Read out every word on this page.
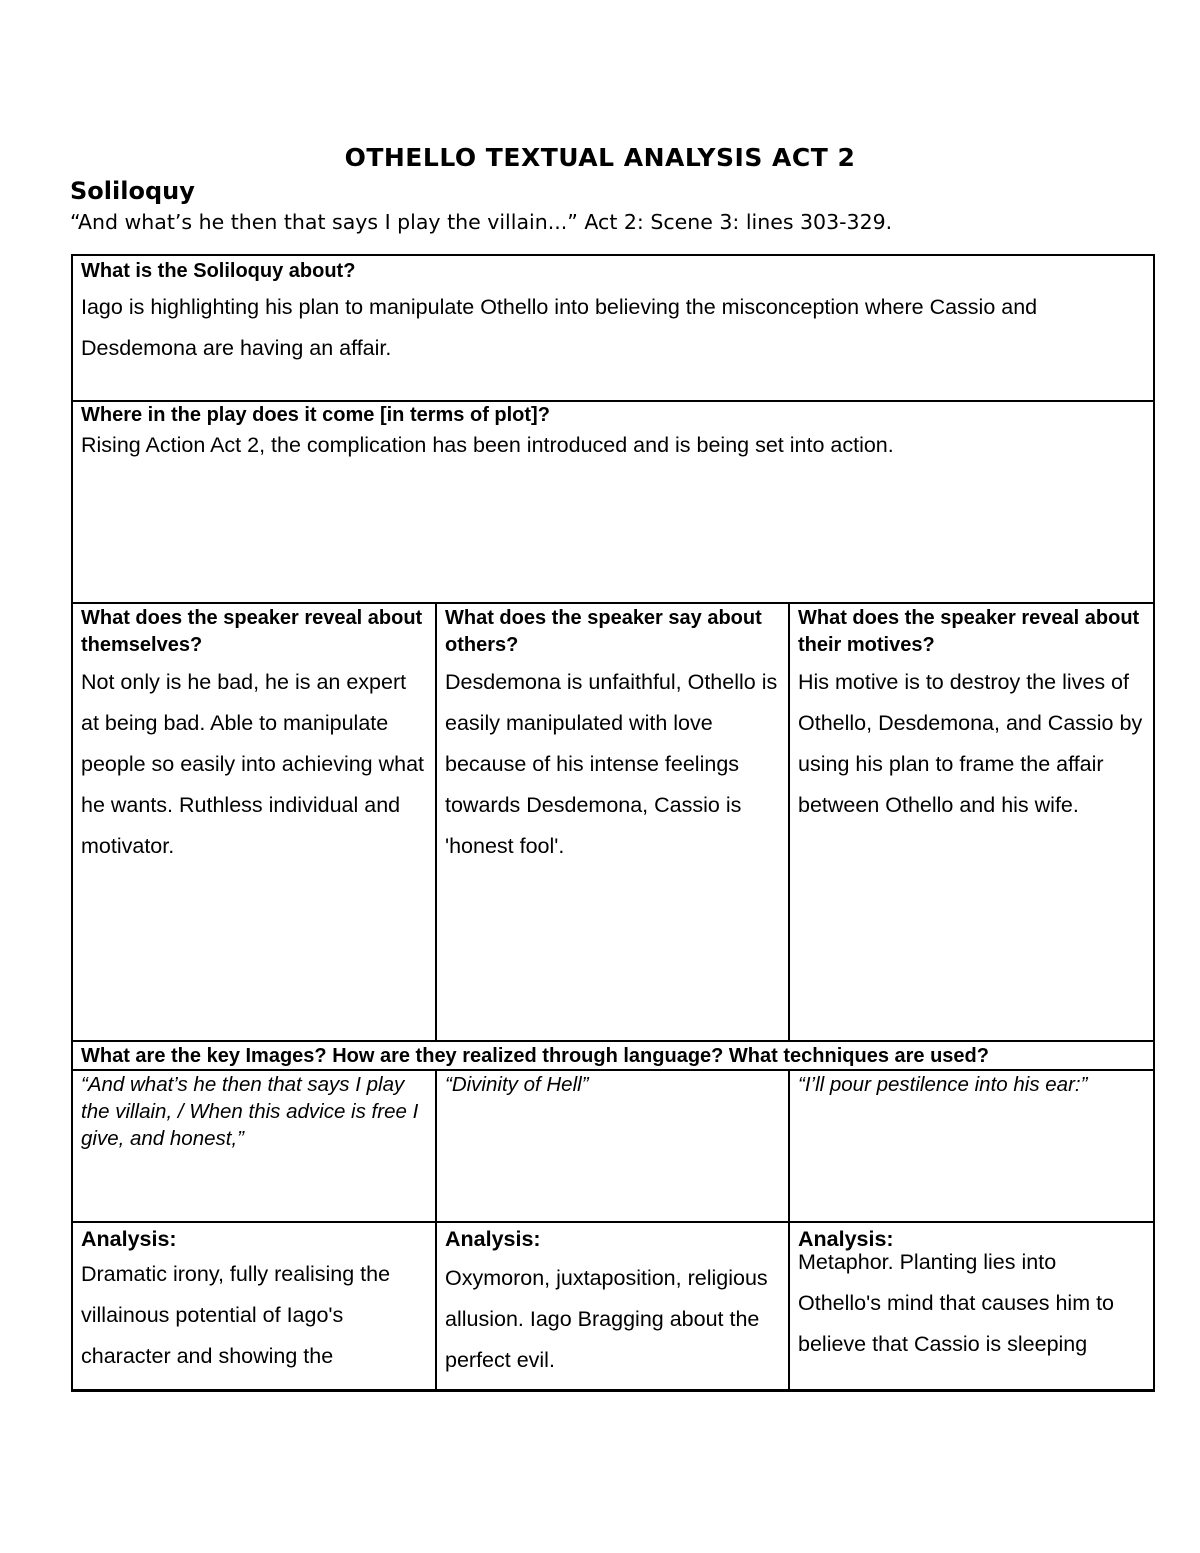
OTHELLO TEXTUAL ANALYSIS ACT 2
Soliloquy

“And what’s he then that says I play the villain...” Act 2: Scene 3: lines 303-329.

What is the Soliloquy about?

Iago is highlighting his plan to manipulate Othello into believing the misconception where Cassio and Desdemona are having an affair.

Where in the play does it come [in terms of plot]?

Rising Action Act 2, the complication has been introduced and is being set into action.

What does the speaker reveal about themselves?

Not only is he bad, he is an expert at being bad. Able to manipulate people so easily into achieving what he wants. Ruthless individual and motivator.

What does the speaker say about others?

Desdemona is unfaithful, Othello is easily manipulated with love because of his intense feelings towards Desdemona, Cassio is 'honest fool'.

What does the speaker reveal about their motives?

His motive is to destroy the lives of Othello, Desdemona, and Cassio by using his plan to frame the affair between Othello and his wife.

What are the key Images? How are they realized through language? What techniques are used?

“And what’s he then that says I play the villain, / When this advice is free I give, and honest,”

“Divinity of Hell”	“I’ll pour pestilence into his ear:”

Analysis:

Dramatic irony, fully realising the villainous potential of Iago's character and showing the

Analysis:

Oxymoron, juxtaposition, religious allusion. Iago Bragging about the perfect evil.

Analysis:

Metaphor. Planting lies into Othello's mind that causes him to believe that Cassio is sleeping
